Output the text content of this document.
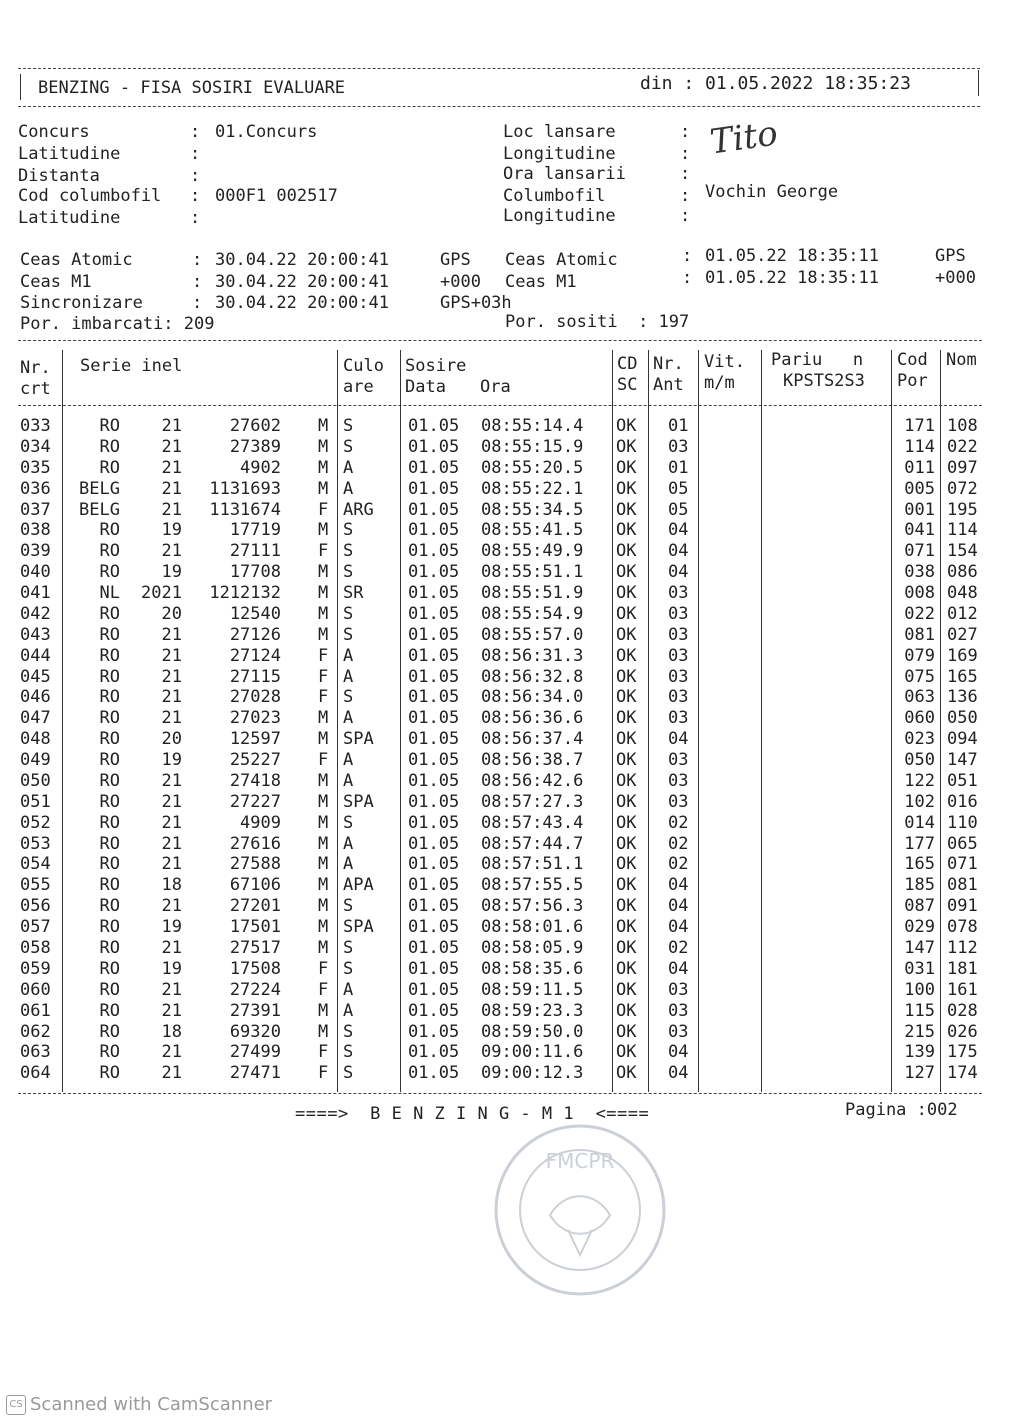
BENZING - FISA SOSIRI EVALUARE	din : 01.05.2022 18:35:23
Concurs	: 01.Concurs
Latitudine	:
Distanta	:
Cod columbofil : 000F1 002517
Latitudine	:
Loc lansare	:
Longitudine	:
Ora lansarii	:
Columbofil	: Vochin George
Longitudine	:
Tito
Ceas Atomic	: 30.04.22 20:00:41	GPS Ceas Atomic	: 01.05.22 18:35:11	GPS
Ceas M1	: 30.04.22 20:00:41	+000 Ceas M1	: 01.05.22 18:35:11	+000
Sincronizare	: 30.04.22 20:00:41	GPS+03h
Por. imbarcati: 209	Por. sositi  : 197
Nr.
crt
Serie inel	Culo
are
Sosire
Data Ora
CD
SC
Nr.
Ant
Vit.
m/m
Pariu   n
KPSTS2S3
Cod
Por
Nom
033	RO 21	27602 M S	01.05 08:55:14.4 OK 01	171 108
034	RO 21	27389 M S	01.05 08:55:15.9 OK 03	114 022
035	RO 21	4902 M A	01.05 08:55:20.5 OK 01	011 097
036 BELG 21 1131693 M A	01.05 08:55:22.1 OK 05	005 072
037 BELG 21 1131674 F ARG 01.05 08:55:34.5 OK 05	001 195
038	RO 19	17719 M S	01.05 08:55:41.5 OK 04	041 114
039	RO 21	27111 F S	01.05 08:55:49.9 OK 04	071 154
040	RO 19	17708 M S	01.05 08:55:51.1 OK 04	038 086
041	NL 2021 1212132 M SR	01.05 08:55:51.9 OK 03	008 048
042	RO 20	12540 M S	01.05 08:55:54.9 OK 03	022 012
043	RO 21	27126 M S	01.05 08:55:57.0 OK 03	081 027
044	RO 21	27124 F A	01.05 08:56:31.3 OK 03	079 169
045	RO 21	27115 F A	01.05 08:56:32.8 OK 03	075 165
046	RO 21	27028 F S	01.05 08:56:34.0 OK 03	063 136
047	RO 21	27023 M A	01.05 08:56:36.6 OK 03	060 050
048	RO 20	12597 M SPA 01.05 08:56:37.4 OK 04	023 094
049	RO 19	25227 F A	01.05 08:56:38.7 OK 03	050 147
050	RO 21	27418 M A	01.05 08:56:42.6 OK 03	122 051
051	RO 21	27227 M SPA 01.05 08:57:27.3 OK 03	102 016
052	RO 21	4909 M S	01.05 08:57:43.4 OK 02	014 110
053	RO 21	27616 M A	01.05 08:57:44.7 OK 02	177 065
054	RO 21	27588 M A	01.05 08:57:51.1 OK 02	165 071
055	RO 18	67106 M APA 01.05 08:57:55.5 OK 04	185 081
056	RO 21	27201 M S	01.05 08:57:56.3 OK 04	087 091
057	RO 19	17501 M SPA 01.05 08:58:01.6 OK 04	029 078
058	RO 21	27517 M S	01.05 08:58:05.9 OK 02	147 112
059	RO 19	17508 F S	01.05 08:58:35.6 OK 04	031 181
060	RO 21	27224 F A	01.05 08:59:11.5 OK 03	100 161
061	RO 21	27391 M A	01.05 08:59:23.3 OK 03	115 028
062	RO 18	69320 M S	01.05 08:59:50.0 OK 03	215 026
063	RO 21	27499 F S	01.05 09:00:11.6 OK 04	139 175
064	RO 21	27471 F S	01.05 09:00:12.3 OK 04	127 174
====>  B E N Z I N G - M 1  <====	Pagina :002
FMCPR
CS Scanned with CamScanner
